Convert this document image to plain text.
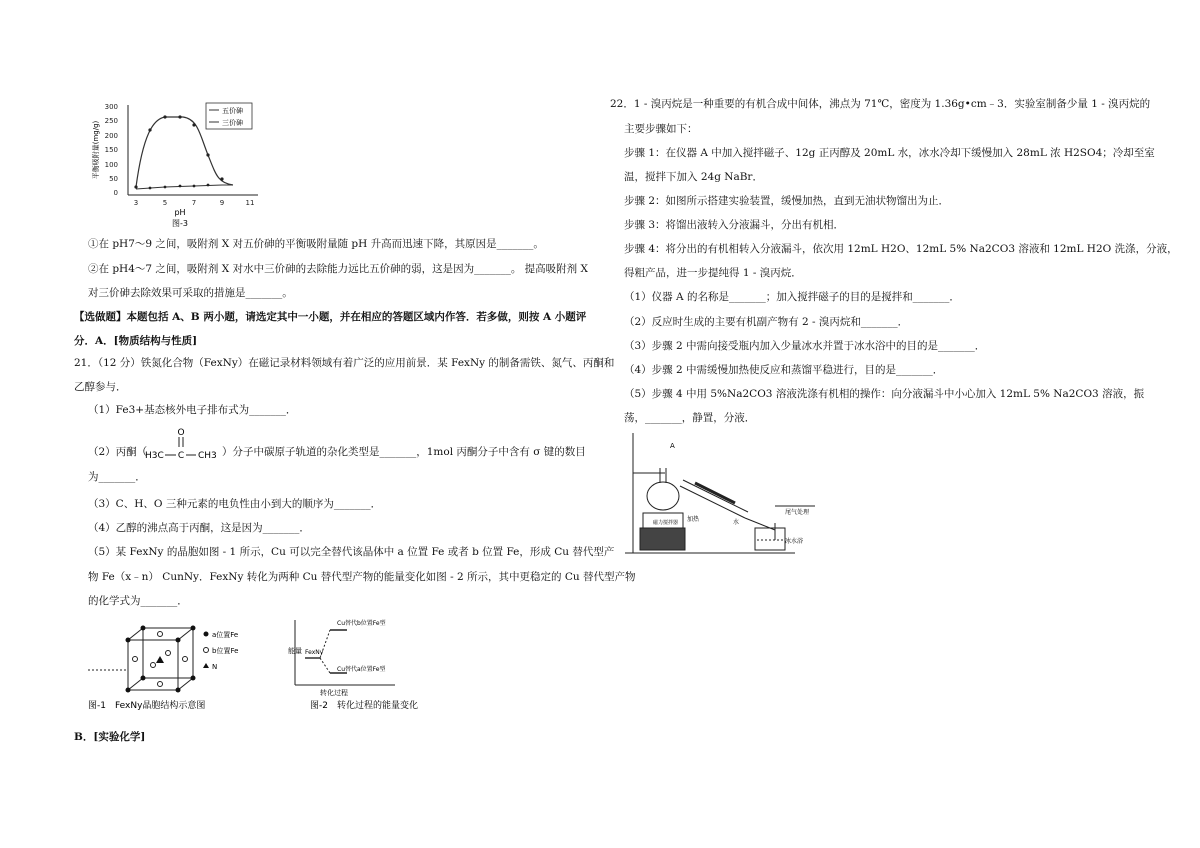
300
250
200
150
100
50
0
3	5	7	9	11
五价砷
三价砷
平衡吸附量(mg/g)
pH
图-3
①在 pH7～9 之间，吸附剂 X 对五价砷的平衡吸附量随 pH 升高而迅速下降，其原因是_______。
②在 pH4～7 之间，吸附剂 X 对水中三价砷的去除能力远比五价砷的弱，这是因为_______。 提高吸附剂 X
对三价砷去除效果可采取的措施是_______。
【选做题】本题包括 A、B 两小题，请选定其中一小题，并在相应的答题区域内作答．若多做，则按 A 小题评
分．A．[物质结构与性质]
21．（12 分）铁氮化合物（FexNy）在磁记录材料领域有着广泛的应用前景．某 FexNy 的制备需铁、氮气、丙酮和
乙醇参与．
（1）Fe3+基态核外电子排布式为_______．
（2）丙酮（
O
H3C C CH3 ）分子中碳原子轨道的杂化类型是_______，1mol 丙酮分子中含有 σ 键的数目
为_______．
（3）C、H、O 三种元素的电负性由小到大的顺序为_______．
（4）乙醇的沸点高于丙酮，这是因为_______．
（5）某 FexNy 的晶胞如图 - 1 所示，Cu 可以完全替代该晶体中 a 位置 Fe 或者 b 位置 Fe，形成 Cu 替代型产
物 Fe（x﹣n） CunNy．FexNy 转化为两种 Cu 替代型产物的能量变化如图 - 2 所示，其中更稳定的 Cu 替代型产物
的化学式为_______．
a位置Fe
b位置Fe
N
图-1　FexNy晶胞结构示意图
能量 FexNy
Cu替代b位置Fe型
Cu替代a位置Fe型
转化过程
图-2　转化过程的能量变化
B．[实验化学]
22．1 - 溴丙烷是一种重要的有机合成中间体，沸点为 71℃，密度为 1.36g•cm﹣3．实验室制备少量 1 - 溴丙烷的
主要步骤如下：
步骤 1：在仪器 A 中加入搅拌磁子、12g 正丙醇及 20mL 水，冰水冷却下缓慢加入 28mL 浓 H2SO4；冷却至室
温，搅拌下加入 24g NaBr．
步骤 2：如图所示搭建实验装置，缓慢加热，直到无油状物馏出为止．
步骤 3：将馏出液转入分液漏斗，分出有机相．
步骤 4：将分出的有机相转入分液漏斗，依次用 12mL H2O、12mL 5% Na2CO3 溶液和 12mL H2O 洗涤，分液，
得粗产品，进一步提纯得 1 - 溴丙烷．
（1）仪器 A 的名称是_______；加入搅拌磁子的目的是搅拌和_______．
（2）反应时生成的主要有机副产物有 2 - 溴丙烷和_______．
（3）步骤 2 中需向接受瓶内加入少量冰水并置于冰水浴中的目的是_______．
（4）步骤 2 中需缓慢加热使反应和蒸馏平稳进行，目的是_______．
（5）步骤 4 中用 5%Na2CO3 溶液洗涤有机相的操作：向分液漏斗中小心加入 12mL 5% Na2CO3 溶液，振
荡，_______，静置，分液．
磁力搅拌器
A
加热	水
尾气处理
冰水浴
